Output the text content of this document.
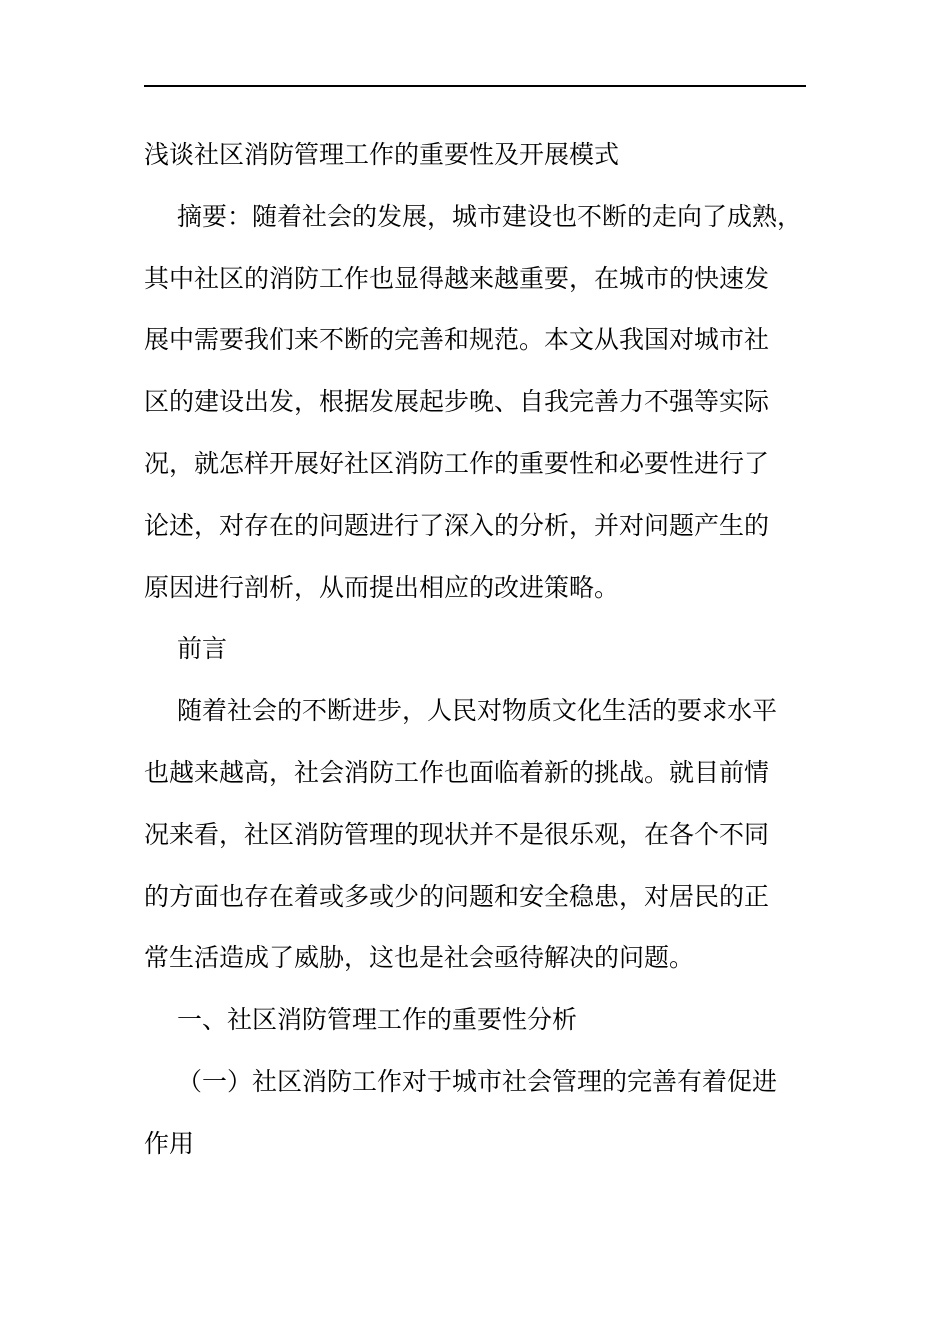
浅谈社区消防管理工作的重要性及开展模式

摘要：随着社会的发展，城市建设也不断的走向了成熟，
其中社区的消防工作也显得越来越重要，在城市的快速发
展中需要我们来不断的完善和规范。本文从我国对城市社
区的建设出发，根据发展起步晚、自我完善力不强等实际
况，就怎样开展好社区消防工作的重要性和必要性进行了
论述，对存在的问题进行了深入的分析，并对问题产生的
原因进行剖析，从而提出相应的改进策略。

前言

随着社会的不断进步，人民对物质文化生活的要求水平
也越来越高，社会消防工作也面临着新的挑战。就目前情
况来看，社区消防管理的现状并不是很乐观，在各个不同
的方面也存在着或多或少的问题和安全稳患，对居民的正
常生活造成了威胁，这也是社会亟待解决的问题。

一、社区消防管理工作的重要性分析

（一）社区消防工作对于城市社会管理的完善有着促进
作用
